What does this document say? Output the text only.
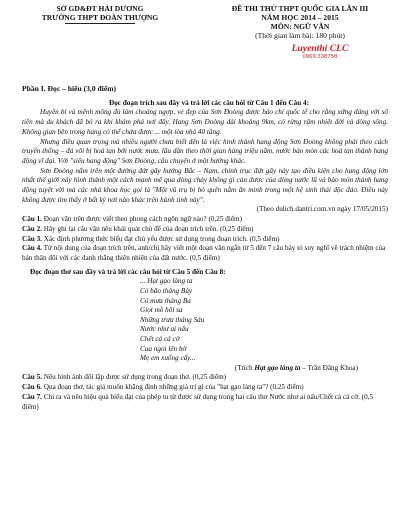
SỞ GD&ĐT HẢI DƯƠNG
TRƯỜNG THPT ĐOÀN THƯỢNG
ĐỀ THI THỬ THPT QUỐC GIA LẦN III
NĂM HỌC 2014 – 2015
MÔN: NGỮ VĂN
(Thời gian làm bài: 180 phút)
Luyenthi CLC
0969.338758

Phần I. Đọc – hiểu (3,0 điểm)

Đọc đoạn trích sau đây và trả lời các câu hỏi từ Câu 1 đến Câu 4:

Huyền bí và mênh mông đủ làm choáng ngợp, vẻ đẹp của Sơn Đoòng được báo chí quốc tế cho rằng xứng đáng với sổ tiền mà du khách đã bỏ ra khi khám phá nơi đây. Hang Sơn Đoòng dài khoảng 9km, có rừng rậm nhiệt đới và dòng sông. Không gian bên trong hang có thể chứa được ... một tòa nhà 40 tầng.

Nhưng điều quan trọng mà nhiều người chưa biết đến là việc hình thành hang động Sơn Đoòng không phải theo cách truyền thống – đá vôi bị hoà tan bởi nước mưa, lâu dần theo thời gian hàng triệu năm, nước bào mòn các hoá tan thành hang động vĩ đại. Với "siêu hang động" Sơn Đoòng, câu chuyện ở một hướng khác.

Sơn Đoòng nằm trên một đường đứt gãy hướng Bắc – Nam, chính trục đứt gãy này tạo điều kiện cho hang động lớn nhất thế giới này hình thành một cách mạnh mẽ qua dòng chảy không gì cản được của dòng nước lũ và bào mòn thành hang động tuyệt vời mà các nhà khoa học gọi là "Một vũ trụ bị bỏ quên nằm ẩn mình trong một hệ sinh thái độc đáo. Điều này không được tìm thấy ở bất kỳ nơi nào khác trên hành tinh này".

(Theo dulich.dantri.com.vn ngày 17/05/2015)

Câu 1. Đoạn văn trên được viết theo phong cách ngôn ngữ nào? (0,25 điểm)

Câu 2. Hãy ghi lại câu văn nêu khái quát chủ đề của đoạn trích trên. (0,25 điểm)

Câu 3. Xác định phương thức biểu đạt chủ yếu được sử dụng trong đoạn trích. (0,5 điểm)

Câu 4. Từ nội dung của đoạn trích trên, anh/chị hãy viết một đoạn văn ngắn từ 5 đến 7 câu bày tỏ suy nghĩ về trách nhiệm của bản thân đối với các danh thắng thiên nhiên của đất nước. (0,5 điểm)

Đọc đoạn thơ sau đây và trả lời các câu hỏi từ Câu 5 đến Câu 8:

... Hạt gạo làng ta

Có bão tháng Bảy

Có mưa tháng Ba

Giọt mồ hôi sa

Những trưa tháng Sáu

Nước như ai nấu

Chết cả cá cờ

Cua ngoi lên bờ

Mẹ em xuống cấy...

(Trích Hạt gạo làng ta – Trần Đăng Khoa)

Câu 5. Nêu hình ảnh đối lập được sử dụng trong đoạn thơ. (0,25 điểm)

Câu 6. Qua đoạn thơ, tác giả muốn khẳng định những giá trị gì của "hạt gạo làng ta"? (0,25 điểm)

Câu 7. Chỉ ra và nêu hiệu quả biểu đạt của phép tu từ được sử dụng trong hai câu thơ Nước như ai nấu/Chết cả cá cờ. (0,5 điểm)
